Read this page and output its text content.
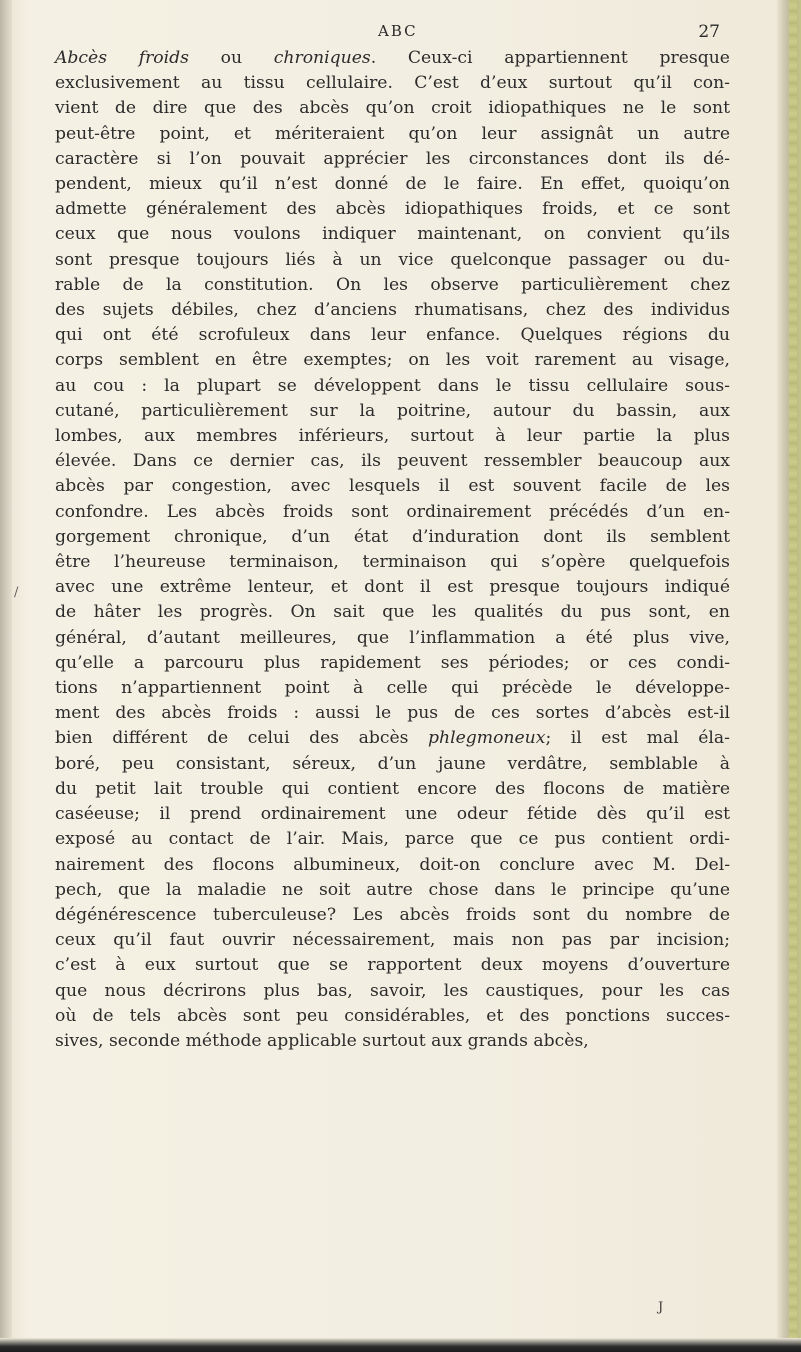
ABC	27
Abcès froids ou chroniques. Ceux-ci appartiennent presque
exclusivement au tissu cellulaire. C’est d’eux surtout qu’il con-
vient de dire que des abcès qu’on croit idiopathiques ne le sont
peut-être point, et mériteraient qu’on leur assignât un autre
caractère si l’on pouvait apprécier les circonstances dont ils dé-
pendent, mieux qu’il n’est donné de le faire. En effet, quoiqu’on
admette généralement des abcès idiopathiques froids, et ce sont
ceux que nous voulons indiquer maintenant, on convient qu’ils
sont presque toujours liés à un vice quelconque passager ou du-
rable de la constitution. On les observe particulièrement chez
des sujets débiles, chez d’anciens rhumatisans, chez des individus
qui ont été scrofuleux dans leur enfance. Quelques régions du
corps semblent en être exemptes; on les voit rarement au visage,
au cou : la plupart se développent dans le tissu cellulaire sous-
cutané, particulièrement sur la poitrine, autour du bassin, aux
lombes, aux membres inférieurs, surtout à leur partie la plus
élevée. Dans ce dernier cas, ils peuvent ressembler beaucoup aux
abcès par congestion, avec lesquels il est souvent facile de les
confondre. Les abcès froids sont ordinairement précédés d’un en-
gorgement chronique, d’un état d’induration dont ils semblent
être l’heureuse terminaison, terminaison qui s’opère quelquefois
avec une extrême lenteur, et dont il est presque toujours indiqué
de hâter les progrès. On sait que les qualités du pus sont, en
général, d’autant meilleures, que l’inflammation a été plus vive,
qu’elle a parcouru plus rapidement ses périodes; or ces condi-
tions n’appartiennent point à celle qui précède le développe-
ment des abcès froids : aussi le pus de ces sortes d’abcès est-il
bien différent de celui des abcès phlegmoneux; il est mal éla-
boré, peu consistant, séreux, d’un jaune verdâtre, semblable à
du petit lait trouble qui contient encore des flocons de matière
caséeuse; il prend ordinairement une odeur fétide dès qu’il est
exposé au contact de l’air. Mais, parce que ce pus contient ordi-
nairement des flocons albumineux, doit-on conclure avec M. Del-
pech, que la maladie ne soit autre chose dans le principe qu’une
dégénérescence tuberculeuse? Les abcès froids sont du nombre de
ceux qu’il faut ouvrir nécessairement, mais non pas par incision;
c’est à eux surtout que se rapportent deux moyens d’ouverture
que nous décrirons plus bas, savoir, les caustiques, pour les cas
où de tels abcès sont peu considérables, et des ponctions succes-
sives, seconde méthode applicable surtout aux grands abcès,
/
J
